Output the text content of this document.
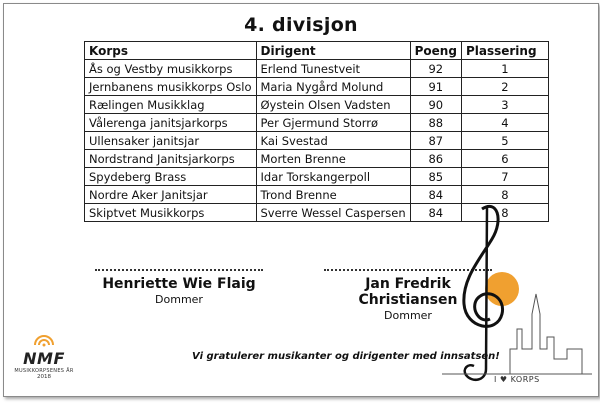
4. divisjon
Korps	Dirigent	Poeng	Plassering
Ås og Vestby musikkorps	Erlend Tunestveit	92	1
Jernbanens musikkorps Oslo	Maria Nygård Molund	91	2
Rælingen Musikklag	Øystein Olsen Vadsten	90	3
Vålerenga janitsjarkorps	Per Gjermund Storrø	88	4
Ullensaker janitsjar	Kai Svestad	87	5
Nordstrand Janitsjarkorps	Morten Brenne	86	6
Spydeberg Brass	Idar Torskangerpoll	85	7
Nordre Aker Janitsjar	Trond Brenne	84	8
Skiptvet Musikkorps	Sverre Wessel Caspersen	84	8
Henriette Wie Flaig
Dommer
Jan Fredrik Christiansen
Dommer
Vi gratulerer musikanter og dirigenter med innsatsen!
NMF
MUSIKKORPSENES ÅR
2018	I ♥ KORPS
